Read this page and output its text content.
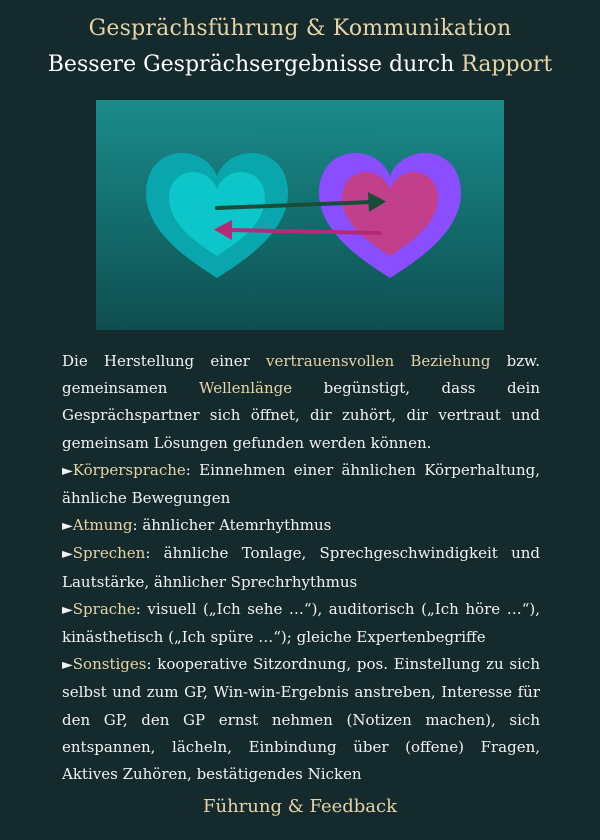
Gesprächsführung & Kommunikation
Bessere Gesprächsergebnisse durch Rapport

Die Herstellung einer vertrauensvollen Beziehung bzw. gemeinsamen Wellenlänge begünstigt, dass dein Gesprächspartner sich öffnet, dir zuhört, dir vertraut und gemeinsam Lösungen gefunden werden können.

►Körpersprache: Einnehmen einer ähnlichen Körperhaltung, ähnliche Bewegungen

►Atmung: ähnlicher Atemrhythmus

►Sprechen: ähnliche Tonlage, Sprechgeschwindigkeit und Lautstärke, ähnlicher Sprechrhythmus

►Sprache: visuell („Ich sehe …“), auditorisch („Ich höre …“), kinästhetisch („Ich spüre …“); gleiche Expertenbegriffe

►Sonstiges: kooperative Sitzordnung, pos. Einstellung zu sich selbst und zum GP, Win-win-Ergebnis anstreben, Interesse für den GP, den GP ernst nehmen (Notizen machen), sich entspannen, lächeln, Einbindung über (offene) Fragen, Aktives Zuhören, bestätigendes Nicken

Führung & Feedback
